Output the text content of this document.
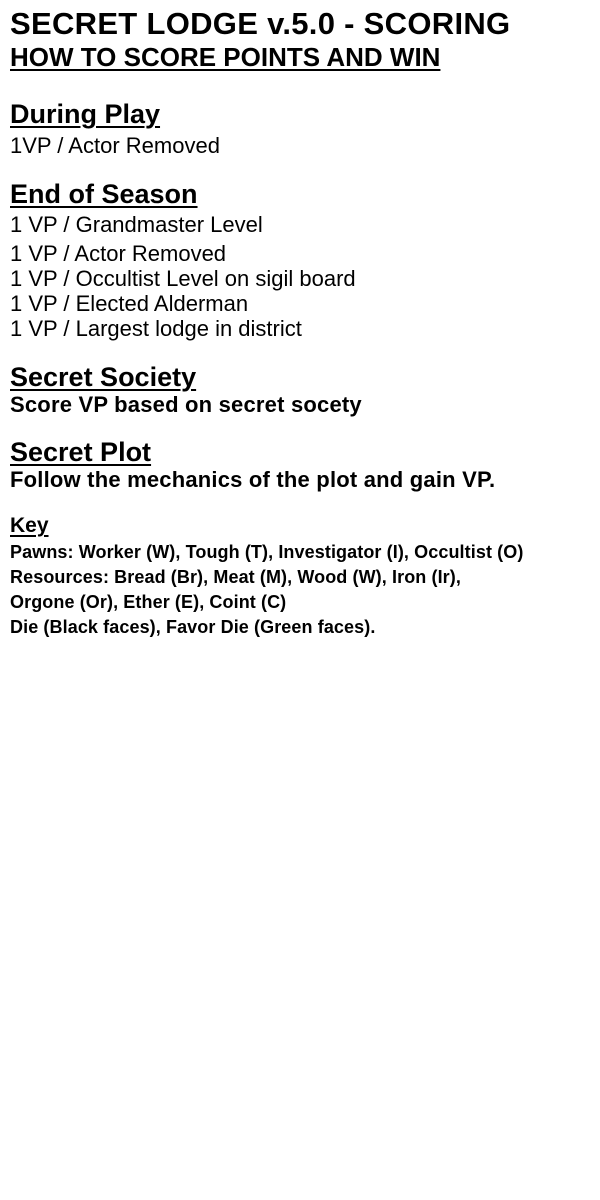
SECRET LODGE v.5.0 - SCORING
HOW TO SCORE POINTS AND WIN
During Play

1VP / Actor Removed

End of Season

1 VP / Grandmaster Level

1 VP / Actor Removed

1 VP / Occultist Level on sigil board

1 VP / Elected Alderman

1 VP / Largest lodge in district

Secret Society

Score VP based on secret socety

Secret Plot

Follow the mechanics of the plot and gain VP.

Key

Pawns: Worker (W), Tough (T), Investigator (I), Occultist (O)

Resources: Bread (Br), Meat (M), Wood (W), Iron (Ir),

Orgone (Or), Ether (E), Coint (C)

Die (Black faces), Favor Die (Green faces).
